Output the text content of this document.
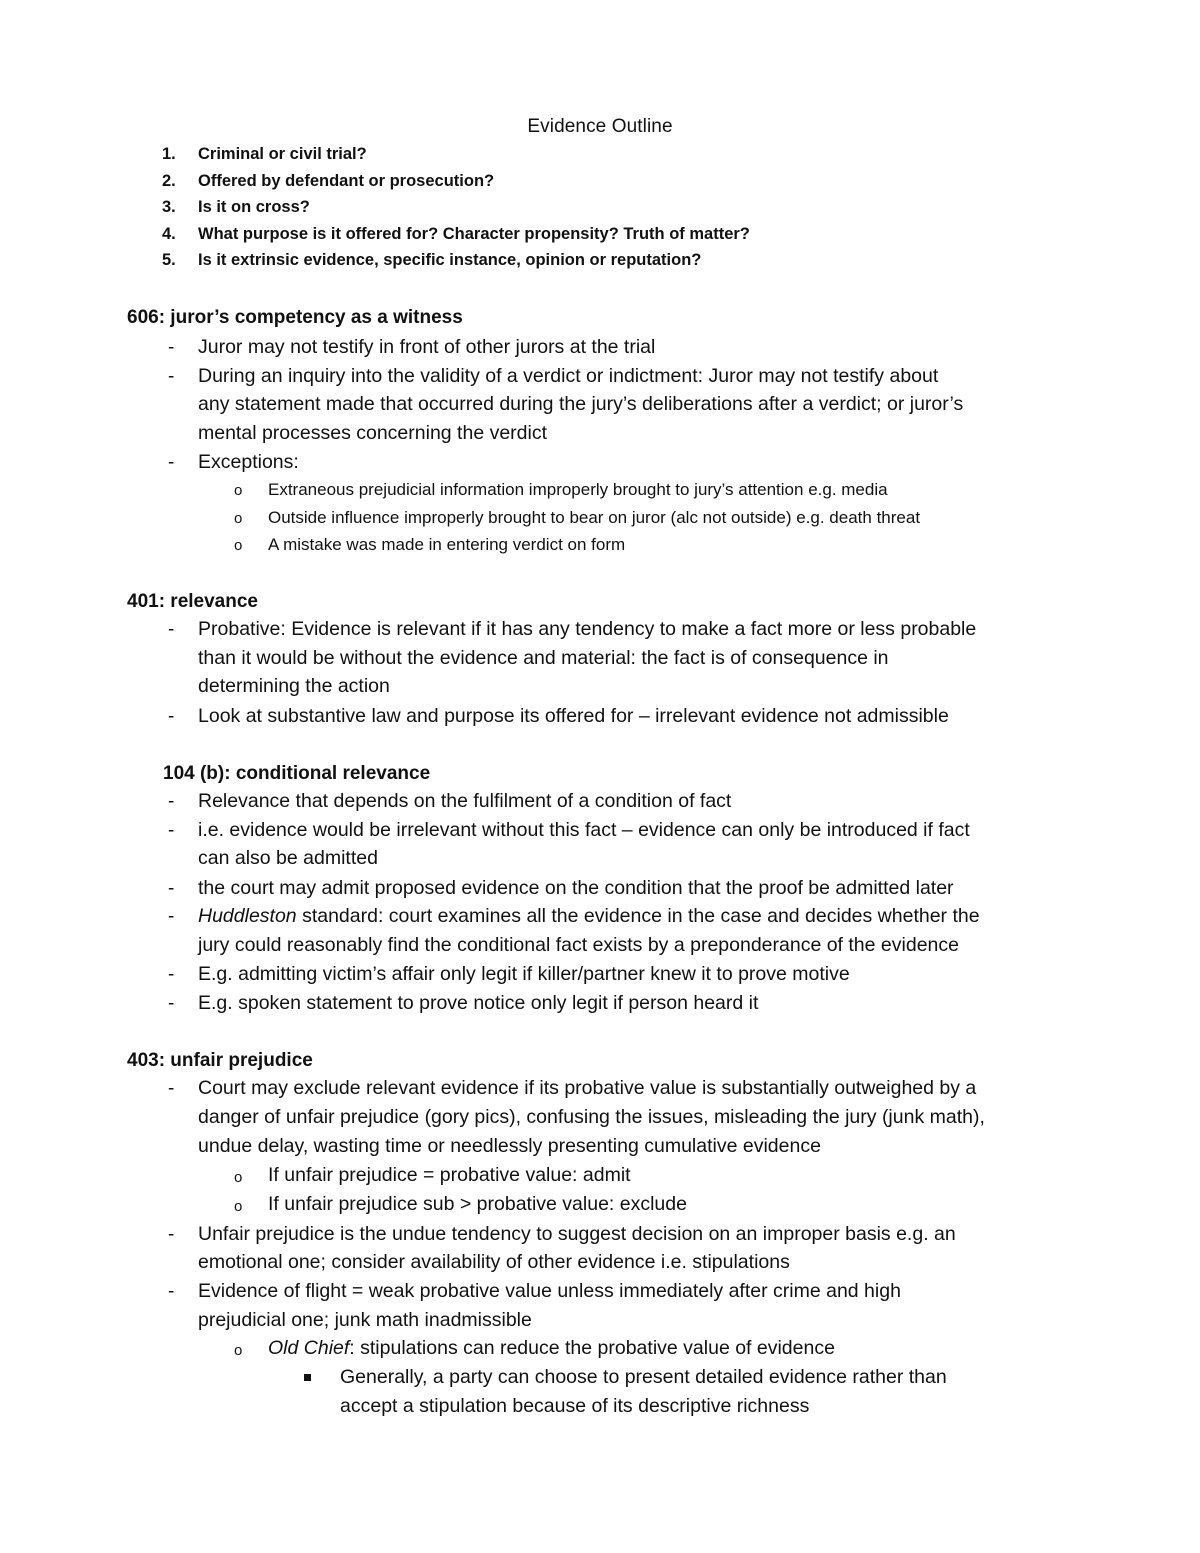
Evidence Outline
1. Criminal or civil trial?
2. Offered by defendant or prosecution?
3. Is it on cross?
4. What purpose is it offered for? Character propensity? Truth of matter?
5. Is it extrinsic evidence, specific instance, opinion or reputation?
606: juror’s competency as a witness
- Juror may not testify in front of other jurors at the trial
- During an inquiry into the validity of a verdict or indictment: Juror may not testify about
any statement made that occurred during the jury’s deliberations after a verdict; or juror’s
mental processes concerning the verdict
- Exceptions:
o Extraneous prejudicial information improperly brought to jury’s attention e.g. media
o Outside influence improperly brought to bear on juror (alc not outside) e.g. death threat
o A mistake was made in entering verdict on form
401: relevance
- Probative: Evidence is relevant if it has any tendency to make a fact more or less probable
than it would be without the evidence and material: the fact is of consequence in
determining the action
- Look at substantive law and purpose its offered for – irrelevant evidence not admissible
104 (b): conditional relevance
- Relevance that depends on the fulfilment of a condition of fact
- i.e. evidence would be irrelevant without this fact – evidence can only be introduced if fact
can also be admitted
- the court may admit proposed evidence on the condition that the proof be admitted later
- Huddleston standard: court examines all the evidence in the case and decides whether the
jury could reasonably find the conditional fact exists by a preponderance of the evidence
- E.g. admitting victim’s affair only legit if killer/partner knew it to prove motive
- E.g. spoken statement to prove notice only legit if person heard it
403: unfair prejudice
- Court may exclude relevant evidence if its probative value is substantially outweighed by a
danger of unfair prejudice (gory pics), confusing the issues, misleading the jury (junk math),
undue delay, wasting time or needlessly presenting cumulative evidence
o If unfair prejudice = probative value: admit
o If unfair prejudice sub > probative value: exclude
- Unfair prejudice is the undue tendency to suggest decision on an improper basis e.g. an
emotional one; consider availability of other evidence i.e. stipulations
- Evidence of flight = weak probative value unless immediately after crime and high
prejudicial one; junk math inadmissible
o Old Chief: stipulations can reduce the probative value of evidence
Generally, a party can choose to present detailed evidence rather than
accept a stipulation because of its descriptive richness
